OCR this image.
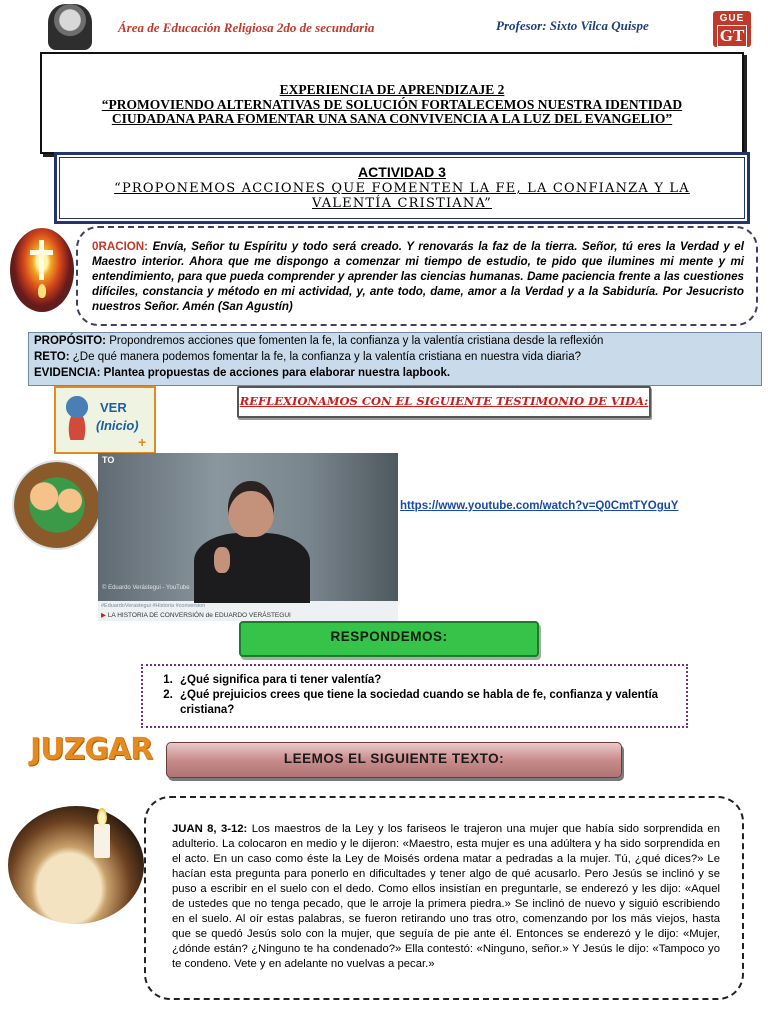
Área de Educación Religiosa 2do de secundaria	Profesor: Sixto Vilca Quispe	GUE
GT
EXPERIENCIA DE APRENDIZAJE 2
“PROMOVIENDO ALTERNATIVAS DE SOLUCIÓN FORTALECEMOS NUESTRA IDENTIDAD CIUDADANA PARA FOMENTAR UNA SANA CONVIVENCIA A LA LUZ DEL EVANGELIO”
ACTIVIDAD 3
“PROPONEMOS ACCIONES QUE FOMENTEN LA FE, LA CONFIANZA Y LA VALENTÍA CRISTIANA”
0RACION: Envía, Señor tu Espíritu y todo será creado. Y renovarás la faz de la tierra. Señor, tú eres la Verdad y el Maestro interior. Ahora que me dispongo a comenzar mi tiempo de estudio, te pido que ilumines mi mente y mi entendimiento, para que pueda comprender y aprender las ciencias humanas. Dame paciencia frente a las cuestiones difíciles, constancia y método en mi actividad, y, ante todo, dame, amor a la Verdad y a la Sabiduría. Por Jesucristo nuestros Señor. Amén (San Agustín)
PROPÓSITO: Propondremos acciones que fomenten la fe, la confianza y la valentía cristiana desde la reflexión
RETO: ¿De qué manera podemos fomentar la fe, la confianza y la valentía cristiana en nuestra vida diaria?
EVIDENCIA: Plantea propuestas de acciones para elaborar nuestra lapbook.
VER
(Inicio)
+
REFLEXIONAMOS CON EL SIGUIENTE TESTIMONIO DE VIDA:
TO
© Eduardo Verástegui - YouTube
#EduardoVerastegui #Historia #conversion
▶ LA HISTORIA DE CONVERSIÓN de EDUARDO VERÁSTEGUI
https://www.youtube.com/watch?v=Q0CmtTYOguY
RESPONDEMOS:
1. ¿Qué significa para ti tener valentía?
2. ¿Qué prejuicios crees que tiene la sociedad cuando se habla de fe, confianza y valentía cristiana?
JUZGAR	LEEMOS EL SIGUIENTE TEXTO:
JUAN 8, 3-12: Los maestros de la Ley y los fariseos le trajeron una mujer que había sido sorprendida en adulterio. La colocaron en medio y le dijeron: «Maestro, esta mujer es una adúltera y ha sido sorprendida en el acto. En un caso como éste la Ley de Moisés ordena matar a pedradas a la mujer. Tú, ¿qué dices?» Le hacían esta pregunta para ponerlo en dificultades y tener algo de qué acusarlo. Pero Jesús se inclinó y se puso a escribir en el suelo con el dedo. Como ellos insistían en preguntarle, se enderezó y les dijo: «Aquel de ustedes que no tenga pecado, que le arroje la primera piedra.» Se inclinó de nuevo y siguió escribiendo en el suelo. Al oír estas palabras, se fueron retirando uno tras otro, comenzando por los más viejos, hasta que se quedó Jesús solo con la mujer, que seguía de pie ante él. Entonces se enderezó y le dijo: «Mujer, ¿dónde están? ¿Ninguno te ha condenado?» Ella contestó: «Ninguno, señor.» Y Jesús le dijo: «Tampoco yo te condeno. Vete y en adelante no vuelvas a pecar.»
